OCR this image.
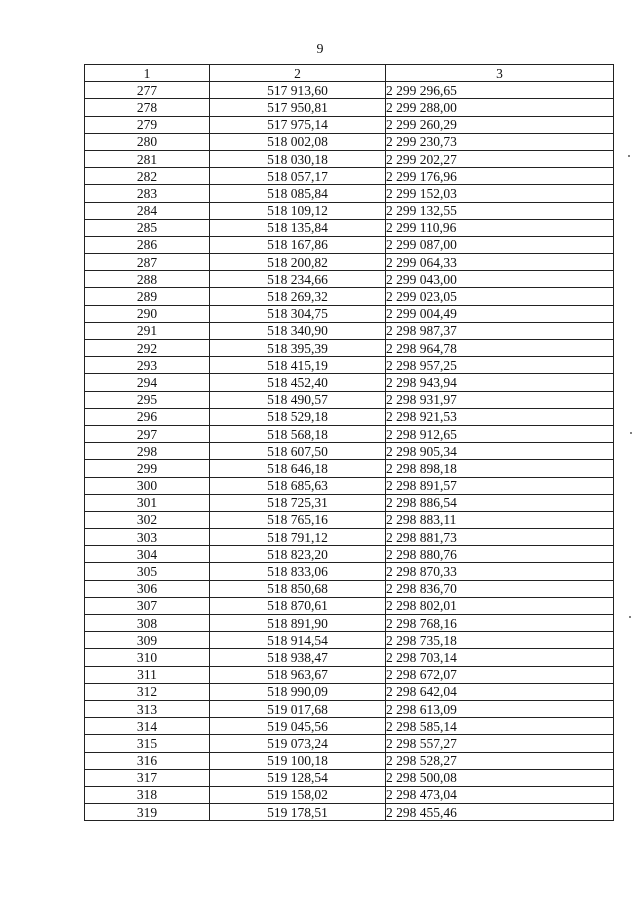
9
1	2	3
277	517 913,60	2 299 296,65
278	517 950,81	2 299 288,00
279	517 975,14	2 299 260,29
280	518 002,08	2 299 230,73
281	518 030,18	2 299 202,27
282	518 057,17	2 299 176,96
283	518 085,84	2 299 152,03
284	518 109,12	2 299 132,55
285	518 135,84	2 299 110,96
286	518 167,86	2 299 087,00
287	518 200,82	2 299 064,33
288	518 234,66	2 299 043,00
289	518 269,32	2 299 023,05
290	518 304,75	2 299 004,49
291	518 340,90	2 298 987,37
292	518 395,39	2 298 964,78
293	518 415,19	2 298 957,25
294	518 452,40	2 298 943,94
295	518 490,57	2 298 931,97
296	518 529,18	2 298 921,53
297	518 568,18	2 298 912,65
298	518 607,50	2 298 905,34
299	518 646,18	2 298 898,18
300	518 685,63	2 298 891,57
301	518 725,31	2 298 886,54
302	518 765,16	2 298 883,11
303	518 791,12	2 298 881,73
304	518 823,20	2 298 880,76
305	518 833,06	2 298 870,33
306	518 850,68	2 298 836,70
307	518 870,61	2 298 802,01
308	518 891,90	2 298 768,16
309	518 914,54	2 298 735,18
310	518 938,47	2 298 703,14
311	518 963,67	2 298 672,07
312	518 990,09	2 298 642,04
313	519 017,68	2 298 613,09
314	519 045,56	2 298 585,14
315	519 073,24	2 298 557,27
316	519 100,18	2 298 528,27
317	519 128,54	2 298 500,08
318	519 158,02	2 298 473,04
319	519 178,51	2 298 455,46
